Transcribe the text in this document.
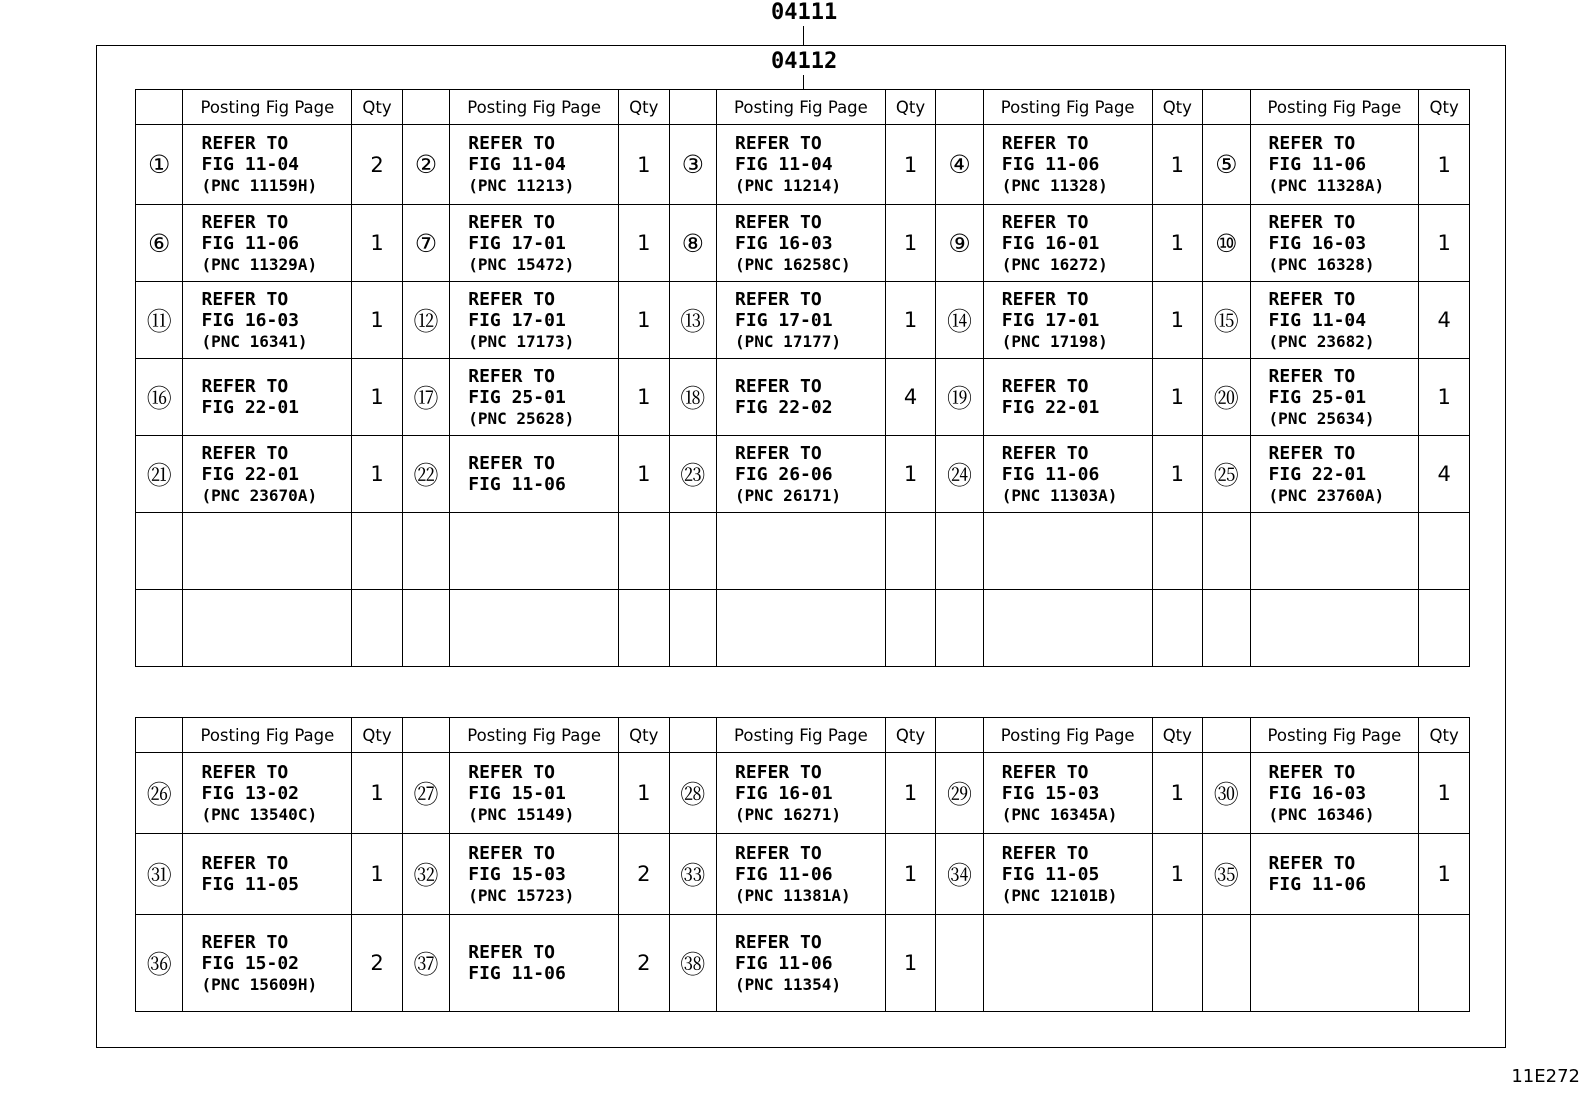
04111
04112
	Posting Fig Page	Qty		Posting Fig Page	Qty		Posting Fig Page	Qty		Posting Fig Page	Qty		Posting Fig Page	Qty
①	REFER TO
FIG 11-04
(PNC 11159H)	2	②	REFER TO
FIG 11-04
(PNC 11213)	1	③	REFER TO
FIG 11-04
(PNC 11214)	1	④	REFER TO
FIG 11-06
(PNC 11328)	1	⑤	REFER TO
FIG 11-06
(PNC 11328A)	1
⑥	REFER TO
FIG 11-06
(PNC 11329A)	1	⑦	REFER TO
FIG 17-01
(PNC 15472)	1	⑧	REFER TO
FIG 16-03
(PNC 16258C)	1	⑨	REFER TO
FIG 16-01
(PNC 16272)	1	⑩	REFER TO
FIG 16-03
(PNC 16328)	1
⑪	REFER TO
FIG 16-03
(PNC 16341)	1	⑫	REFER TO
FIG 17-01
(PNC 17173)	1	⑬	REFER TO
FIG 17-01
(PNC 17177)	1	⑭	REFER TO
FIG 17-01
(PNC 17198)	1	⑮	REFER TO
FIG 11-04
(PNC 23682)	4
⑯	REFER TO
FIG 22-01	1	⑰	REFER TO
FIG 25-01
(PNC 25628)	1	⑱	REFER TO
FIG 22-02	4	⑲	REFER TO
FIG 22-01	1	⑳	REFER TO
FIG 25-01
(PNC 25634)	1
㉑	REFER TO
FIG 22-01
(PNC 23670A)	1	㉒	REFER TO
FIG 11-06	1	㉓	REFER TO
FIG 26-06
(PNC 26171)	1	㉔	REFER TO
FIG 11-06
(PNC 11303A)	1	㉕	REFER TO
FIG 22-01
(PNC 23760A)	4

	Posting Fig Page	Qty		Posting Fig Page	Qty		Posting Fig Page	Qty		Posting Fig Page	Qty		Posting Fig Page	Qty
㉖	REFER TO
FIG 13-02
(PNC 13540C)	1	㉗	REFER TO
FIG 15-01
(PNC 15149)	1	㉘	REFER TO
FIG 16-01
(PNC 16271)	1	㉙	REFER TO
FIG 15-03
(PNC 16345A)	1	㉚	REFER TO
FIG 16-03
(PNC 16346)	1
㉛	REFER TO
FIG 11-05	1	㉜	REFER TO
FIG 15-03
(PNC 15723)	2	㉝	REFER TO
FIG 11-06
(PNC 11381A)	1	㉞	REFER TO
FIG 11-05
(PNC 12101B)	1	㉟	REFER TO
FIG 11-06	1
㊱	REFER TO
FIG 15-02
(PNC 15609H)	2	㊲	REFER TO
FIG 11-06	2	㊳	REFER TO
FIG 11-06
(PNC 11354)	1		

11E272
